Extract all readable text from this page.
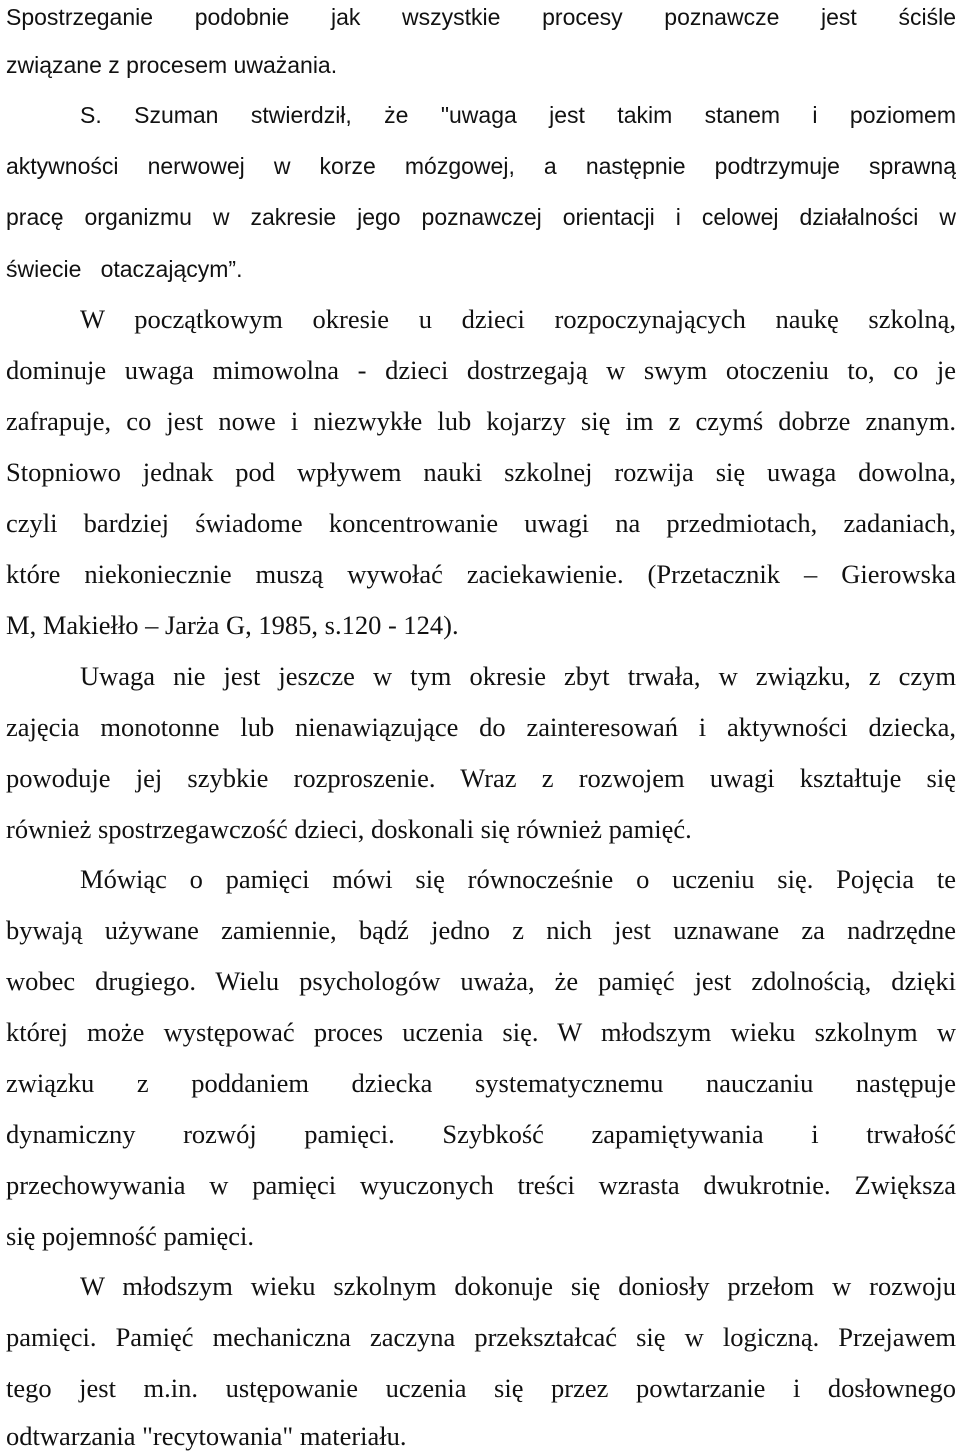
Spostrzeganie podobnie jak wszystkie procesy poznawcze jest ściśle
związane z procesem uważania.
S. Szuman stwierdził, że "uwaga jest takim stanem i poziomem
aktywności nerwowej w korze mózgowej, a następnie podtrzymuje sprawną
pracę organizmu w zakresie jego poznawczej orientacji i celowej działalności w
świecie   otaczającym”.
W początkowym okresie u dzieci rozpoczynających naukę szkolną,
dominuje uwaga mimowolna - dzieci dostrzegają w swym otoczeniu to, co je
zafrapuje, co jest nowe i niezwykłe lub kojarzy się im z czymś dobrze znanym.
Stopniowo jednak pod wpływem nauki szkolnej rozwija się uwaga dowolna,
czyli bardziej świadome koncentrowanie uwagi na przedmiotach, zadaniach,
które niekoniecznie muszą wywołać zaciekawienie. (Przetacznik – Gierowska
M, Makiełło – Jarża G, 1985, s.120 - 124).
Uwaga nie jest jeszcze w tym okresie zbyt trwała, w związku, z czym
zajęcia monotonne lub nienawiązujące do zainteresowań i aktywności dziecka,
powoduje jej szybkie rozproszenie. Wraz z rozwojem uwagi kształtuje się
również spostrzegawczość dzieci, doskonali się również pamięć.
Mówiąc o pamięci mówi się równocześnie o uczeniu się. Pojęcia te
bywają używane zamiennie, bądź jedno z nich jest uznawane za nadrzędne
wobec drugiego. Wielu psychologów uważa, że pamięć jest zdolnością, dzięki
której może występować proces uczenia się. W młodszym wieku szkolnym w
związku z poddaniem dziecka systematycznemu nauczaniu następuje
dynamiczny rozwój pamięci. Szybkość zapamiętywania i trwałość
przechowywania w pamięci wyuczonych treści wzrasta dwukrotnie. Zwiększa
się pojemność pamięci.
W młodszym wieku szkolnym dokonuje się doniosły przełom w rozwoju
pamięci. Pamięć mechaniczna zaczyna przekształcać się w logiczną. Przejawem
tego jest m.in. ustępowanie uczenia się przez powtarzanie i dosłownego
odtwarzania "recytowania" materiału.
